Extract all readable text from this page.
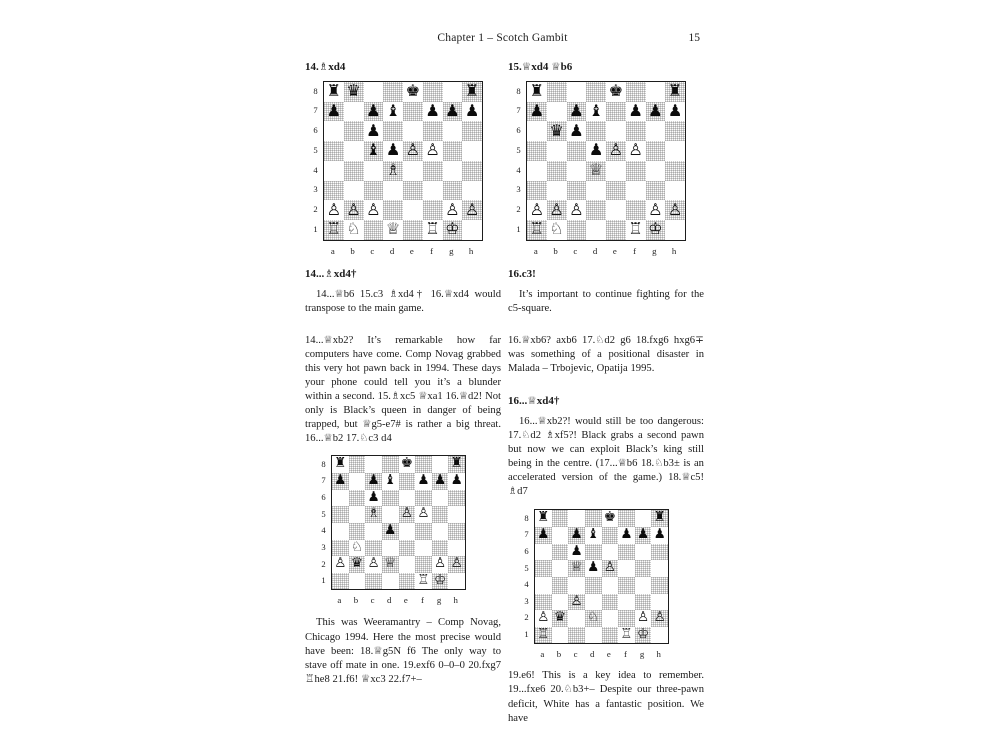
Chapter 1 – Scotch Gambit	15
14.♗xd4
♜ ♛	♚	♜
♟ ♟ ♝ ♟ ♟ ♟
♟
♝ ♟ ♙ ♙
♗
♙ ♙ ♙	♙ ♙
♖ ♘ ♕ ♖ ♔
8
7
6
5
4
3
2
1
a	b	c	d	e	f	g	h
14...♗xd4†

14...♕b6 15.c3 ♗xd4† 16.♕xd4 would transpose to the main game.

14...♕xb2? It’s remarkable how far computers have come. Comp Novag grabbed this very hot pawn back in 1994. These days your phone could tell you it’s a blunder within a second. 15.♗xc5 ♕xa1 16.♕d2! Not only is Black’s queen in danger of being trapped, but ♕g5-e7# is rather a big threat. 16...♕b2 17.♘c3 d4

♜	♚	♜
♟ ♟ ♝ ♟ ♟ ♟
♟
♗ ♙ ♙
♟
♘
♙ ♛ ♙ ♕	♙ ♙
♖ ♔
8
7
6
5
4
3
2
1
a	b	c	d	e	f	g	h

This was Weeramantry – Comp Novag, Chicago 1994. Here the most precise would have been: 18.♕g5N f6 The only way to stave off mate in one. 19.exf6 0–0–0 20.fxg7 ♖he8 21.f6! ♕xc3 22.f7+–

15.♕xd4 ♕b6
♜	♚	♜
♟ ♟ ♝ ♟ ♟ ♟
♛ ♟
♟ ♙ ♙
♕
♙ ♙ ♙	♙ ♙
♖ ♘	♖ ♔
8
7
6
5
4
3
2
1
a	b	c	d	e	f	g	h
16.c3!

It’s important to continue fighting for the c5-square.

16.♕xb6? axb6 17.♘d2 g6 18.fxg6 hxg6∓ was something of a positional disaster in Malada – Trbojevic, Opatija 1995.

16...♕xd4†

16...♕xb2?! would still be too dangerous: 17.♘d2 ♗xf5?! Black grabs a second pawn but now we can exploit Black’s king still being in the centre. (17...♕b6 18.♘b3± is an accelerated version of the game.) 18.♕c5! ♗d7

♜	♚	♜
♟ ♟ ♝ ♟ ♟ ♟
♟
♕ ♟ ♙
♙
♙ ♛ ♘	♙ ♙
♖	♖ ♔
8
7
6
5
4
3
2
1
a	b	c	d	e	f	g	h

19.e6! This is a key idea to remember. 19...fxe6 20.♘b3+– Despite our three-pawn deficit, White has a fantastic position. We have
